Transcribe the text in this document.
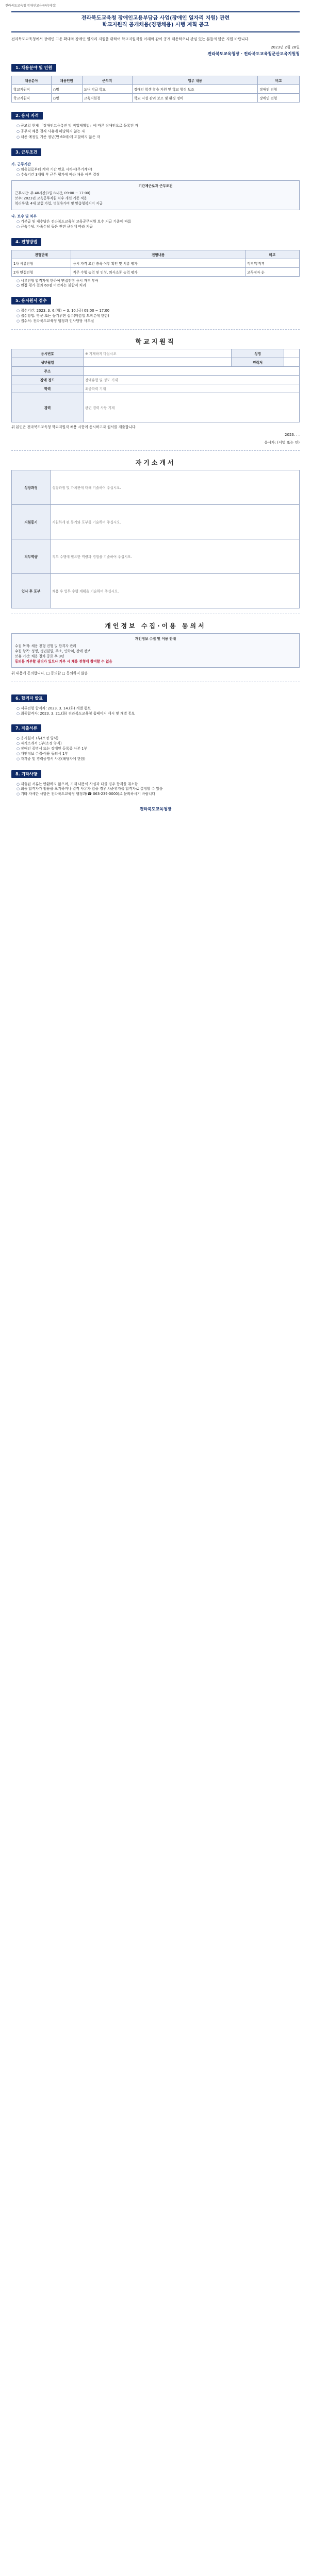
전라북도교육청 장애인고용공단(예정)
전라북도교육청 장애인고용부담금 사업(장애인 일자리 지원) 관련
학교지원직 공개채용(경쟁채용) 시행 계획 공고
전라북도교육청에서 장애인 고용 확대와 장애인 일자리 지원을 위하여 학교지원직을 아래와 같이 공개 채용하오니 관심 있는 분들의 많은 지원 바랍니다.
2023년 2월 28일
전라북도교육청장 · 전라북도교육청군산교육지원청
1. 채용분야 및 인원
채용분야	채용인원	근무지	업무 내용	비고
학교지원직	○명	도내 각급 학교	장애인 학생 학습 지원 및 학교 행정 보조	장애인 전형
학교지원직	○명	교육지원청	학교 시설 관리 보조 및 환경 정비	장애인 전형
2. 응시 자격
○ 공고일 현재 「장애인고용촉진 및 직업재활법」에 따른 장애인으로 등록된 자
○ 공무직 채용 결격 사유에 해당하지 않는 자
○ 채용 예정일 기준 정년(만 60세)에 도달하지 않은 자
3. 근무조건
가. 근무기간
○ 임용일로부터 계약 기간 만료 시까지(무기계약)
○ 수습기간 3개월 후 근무 평가에 따라 채용 여부 결정
기간제근로자 근무조건
근무시간: 주 40시간(1일 8시간, 09:00 ~ 17:00)
보수: 2023년 교육공무직원 처우 개선 기준 적용
복리후생: 4대 보험 가입, 명절휴가비 및 맞춤형복지비 지급
나. 보수 및 처우
○ 기본급 및 제수당은 전라북도교육청 교육공무직원 보수 지급 기준에 따름
○ 근속수당, 가족수당 등은 관련 규정에 따라 지급
4. 전형방법
전형단계	전형내용	비고
1차 서류전형	응시 자격 요건 충족 여부 확인 및 서류 평가	적격/부적격
2차 면접전형	직무 수행 능력 및 인성, 의사소통 능력 평가	고득점자 순
○ 서류전형 합격자에 한하여 면접전형 응시 자격 부여
○ 면접 평가 결과 60점 미만자는 불합격 처리
5. 응시원서 접수
○ 접수기간: 2023. 3. 6.(월) ~ 3. 10.(금) 09:00 ~ 17:00
○ 접수방법: 방문 또는 등기우편 접수(마감일 도착분에 한함)
○ 접수처: 전라북도교육청 행정과 인사담당 사무실
학교지원직
응시번호	※ 기재하지 마십시오	성명	
생년월일		연락처	
주소			
장애 정도	장애유형 및 정도 기재		
학력	최종학력 기재		
경력	관련 경력 사항 기재		
위 본인은 전라북도교육청 학교지원직 채용 시험에 응시하고자 원서를 제출합니다.
2023. . .
응시자: (서명 또는 인)
자기소개서
성장과정	성장과정 및 가치관에 대해 기술하여 주십시오.
지원동기	지원하게 된 동기와 포부를 기술하여 주십시오.
직무역량	직무 수행에 필요한 역량과 경험을 기술하여 주십시오.
입사 후 포부	채용 후 업무 수행 계획을 기술하여 주십시오.
개인정보 수집·이용 동의서
개인정보 수집 및 이용 안내
수집 목적: 채용 전형 진행 및 합격자 관리
수집 항목: 성명, 생년월일, 주소, 연락처, 장애 정보
보유 기간: 채용 절차 종료 후 3년
동의를 거부할 권리가 있으나 거부 시 채용 전형에 참여할 수 없음
위 내용에 동의합니다. □ 동의함 □ 동의하지 않음
6. 합격자 발표
○ 서류전형 합격자: 2023. 3. 14.(화) 개별 통보
○ 최종합격자: 2023. 3. 21.(화) 전라북도교육청 홈페이지 게시 및 개별 통보
7. 제출서류
○ 응시원서 1부(소정 양식)
○ 자기소개서 1부(소정 양식)
○ 장애인 증명서 또는 장애인 등록증 사본 1부
○ 개인정보 수집·이용 동의서 1부
○ 자격증 및 경력증명서 사본(해당자에 한함)
8. 기타사항
○ 제출된 서류는 반환하지 않으며, 기재 내용이 사실과 다를 경우 합격을 취소함
○ 최종 합격자가 임용을 포기하거나 결격 사유가 있을 경우 차순위자를 합격자로 결정할 수 있음
○ 기타 자세한 사항은 전라북도교육청 행정과(☎ 063-239-0000)로 문의하시기 바랍니다
전라북도교육청장
